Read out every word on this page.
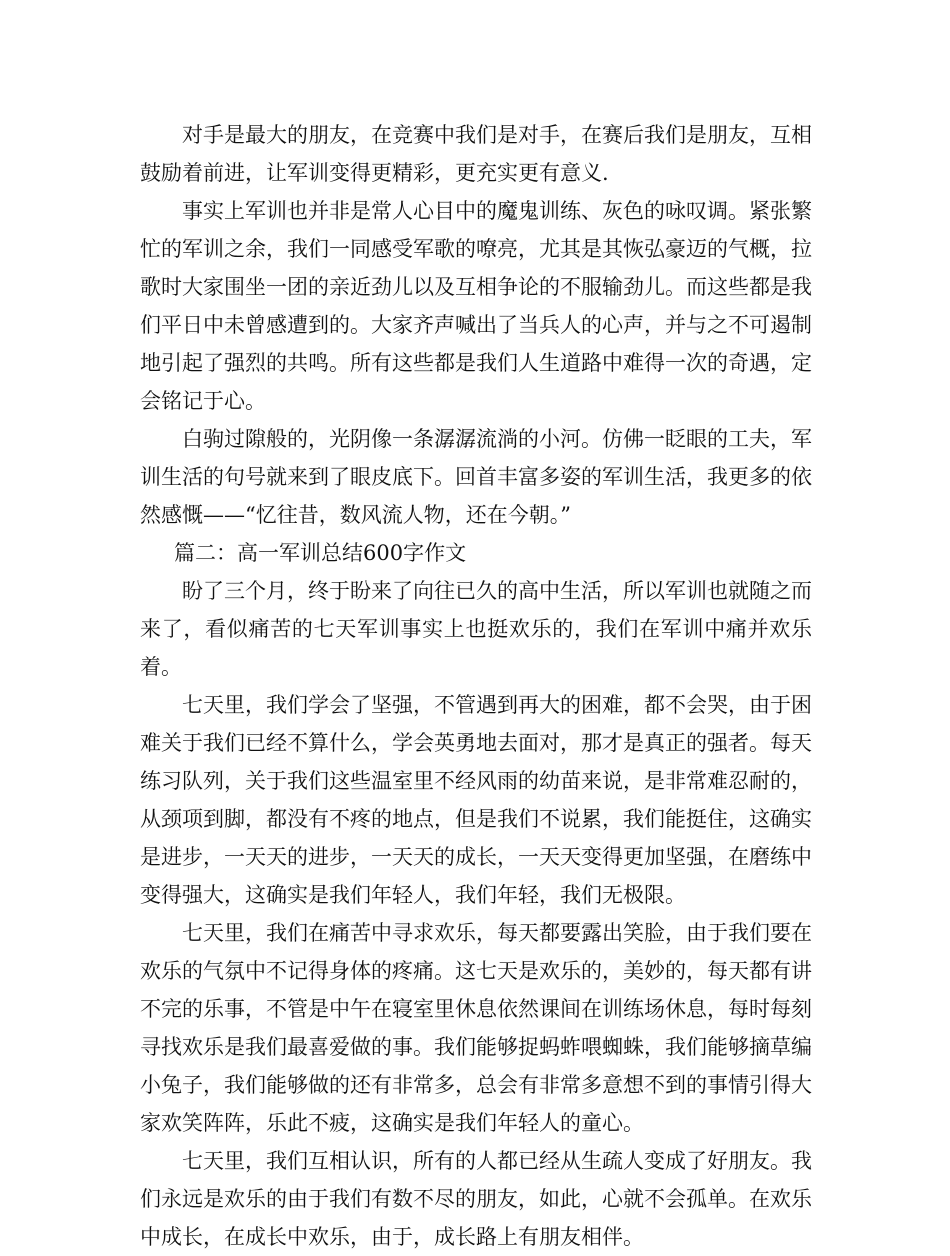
对手是最大的朋友，在竞赛中我们是对手，在赛后我们是朋友，互相鼓励着前进，让军训变得更精彩，更充实更有意义.

事实上军训也并非是常人心目中的魔鬼训练、灰色的咏叹调。紧张繁忙的军训之余，我们一同感受军歌的嘹亮，尤其是其恢弘豪迈的气概，拉歌时大家围坐一团的亲近劲儿以及互相争论的不服输劲儿。而这些都是我们平日中未曾感遭到的。大家齐声喊出了当兵人的心声，并与之不可遏制地引起了强烈的共鸣。所有这些都是我们人生道路中难得一次的奇遇，定会铭记于心。

白驹过隙般的，光阴像一条潺潺流淌的小河。仿佛一眨眼的工夫，军训生活的句号就来到了眼皮底下。回首丰富多姿的军训生活，我更多的依然感慨——“忆往昔，数风流人物，还在今朝。”

篇二：高一军训总结600字作文

盼了三个月，终于盼来了向往已久的高中生活，所以军训也就随之而来了，看似痛苦的七天军训事实上也挺欢乐的，我们在军训中痛并欢乐着。

七天里，我们学会了坚强，不管遇到再大的困难，都不会哭，由于困难关于我们已经不算什么，学会英勇地去面对，那才是真正的强者。每天练习队列，关于我们这些温室里不经风雨的幼苗来说，是非常难忍耐的，从颈项到脚，都没有不疼的地点，但是我们不说累，我们能挺住，这确实是进步，一天天的进步，一天天的成长，一天天变得更加坚强，在磨练中变得强大，这确实是我们年轻人，我们年轻，我们无极限。

七天里，我们在痛苦中寻求欢乐，每天都要露出笑脸，由于我们要在欢乐的气氛中不记得身体的疼痛。这七天是欢乐的，美妙的，每天都有讲不完的乐事，不管是中午在寝室里休息依然课间在训练场休息，每时每刻寻找欢乐是我们最喜爱做的事。我们能够捉蚂蚱喂蜘蛛，我们能够摘草编小兔子，我们能够做的还有非常多，总会有非常多意想不到的事情引得大家欢笑阵阵，乐此不疲，这确实是我们年轻人的童心。

七天里，我们互相认识，所有的人都已经从生疏人变成了好朋友。我们永远是欢乐的由于我们有数不尽的朋友，如此，心就不会孤单。在欢乐中成长，在成长中欢乐，由于，成长路上有朋友相伴。
